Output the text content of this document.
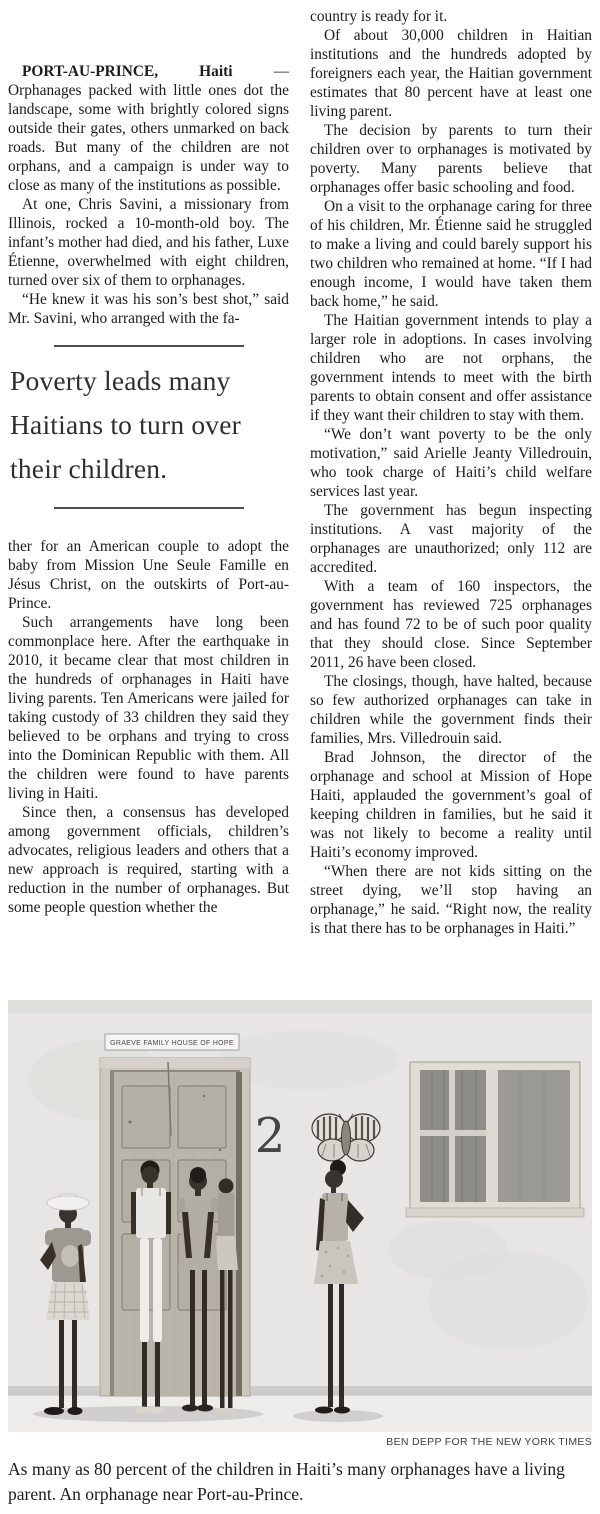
PORT-AU-PRINCE, Haiti — Orphanages packed with little ones dot the landscape, some with brightly colored signs outside their gates, others unmarked on back roads. But many of the children are not orphans, and a campaign is under way to close as many of the institutions as possible.

At one, Chris Savini, a missionary from Illinois, rocked a 10-month-old boy. The infant’s mother had died, and his father, Luxe Étienne, overwhelmed with eight children, turned over six of them to orphanages.

“He knew it was his son’s best shot,” said Mr. Savini, who arranged with the fa-

Poverty leads many Haitians to turn over their children.

ther for an American couple to adopt the baby from Mission Une Seule Famille en Jésus Christ, on the outskirts of Port-au-Prince.

Such arrangements have long been commonplace here. After the earthquake in 2010, it became clear that most children in the hundreds of orphanages in Haiti have living parents. Ten Americans were jailed for taking custody of 33 children they said they believed to be orphans and trying to cross into the Dominican Republic with them. All the children were found to have parents living in Haiti.

Since then, a consensus has developed among government officials, children’s advocates, religious leaders and others that a new approach is required, starting with a reduction in the number of orphanages. But some people question whether the

country is ready for it.

Of about 30,000 children in Haitian institutions and the hundreds adopted by foreigners each year, the Haitian government estimates that 80 percent have at least one living parent.

The decision by parents to turn their children over to orphanages is motivated by poverty. Many parents believe that orphanages offer basic schooling and food.

On a visit to the orphanage caring for three of his children, Mr. Étienne said he struggled to make a living and could barely support his two children who remained at home. “If I had enough income, I would have taken them back home,” he said.

The Haitian government intends to play a larger role in adoptions. In cases involving children who are not orphans, the government intends to meet with the birth parents to obtain consent and offer assistance if they want their children to stay with them.

“We don’t want poverty to be the only motivation,” said Arielle Jeanty Villedrouin, who took charge of Haiti’s child welfare services last year.

The government has begun inspecting institutions. A vast majority of the orphanages are unauthorized; only 112 are accredited.

With a team of 160 inspectors, the government has reviewed 725 orphanages and has found 72 to be of such poor quality that they should close. Since September 2011, 26 have been closed.

The closings, though, have halted, because so few authorized orphanages can take in children while the government finds their families, Mrs. Villedrouin said.

Brad Johnson, the director of the orphanage and school at Mission of Hope Haiti, applauded the government’s goal of keeping children in families, but he said it was not likely to become a reality until Haiti’s economy improved.

“When there are not kids sitting on the street dying, we’ll stop having an orphanage,” he said. “Right now, the reality is that there has to be orphanages in Haiti.”

GRAEVE FAMILY HOUSE OF HOPE
2
BEN DEPP FOR THE NEW YORK TIMES
As many as 80 percent of the children in Haiti’s many orphanages have a living parent. An orphanage near Port-au-Prince.
